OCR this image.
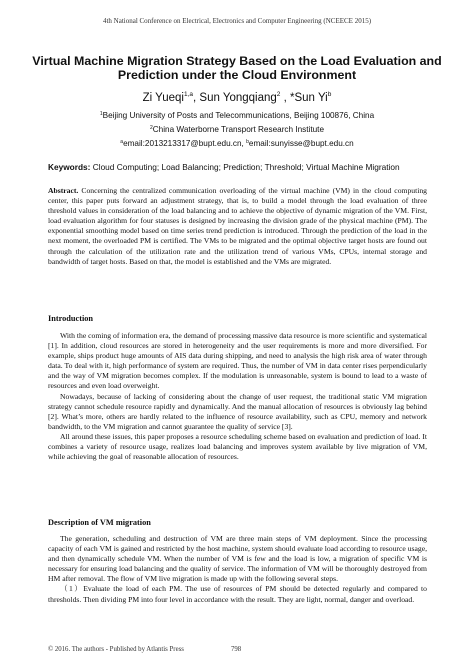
4th National Conference on Electrical, Electronics and Computer Engineering (NCEECE 2015)
Virtual Machine Migration Strategy Based on the Load Evaluation and Prediction under the Cloud Environment
Zi Yueqi$^{1,a}$, Sun Yongqiang$^2$ , *Sun Yi$^b$
$^1$Beijing University of Posts and Telecommunications, Beijing 100876, China
$^2$China Waterborne Transport Research Institute
$^a$email:2013213317@bupt.edu.cn, $^b$email:sunyisse@bupt.edu.cn
Keywords: Cloud Computing; Load Balancing; Prediction; Threshold; Virtual Machine Migration

Abstract. Concerning the centralized communication overloading of the virtual machine (VM) in the cloud computing center, this paper puts forward an adjustment strategy, that is, to build a model through the load evaluation of three threshold values in consideration of the load balancing and to achieve the objective of dynamic migration of the VM. First, load evaluation algorithm for four statuses is designed by increasing the division grade of the physical machine (PM). The exponential smoothing model based on time series trend prediction is introduced. Through the prediction of the load in the next moment, the overloaded PM is certified. The VMs to be migrated and the optimal objective target hosts are found out through the calculation of the utilization rate and the utilization trend of various VMs, CPUs, internal storage and bandwidth of target hosts. Based on that, the model is established and the VMs are migrated.

Introduction

With the coming of information era, the demand of processing massive data resource is more scientific and systematical [1]. In addition, cloud resources are stored in heterogeneity and the user requirements is more and more diversified. For example, ships product huge amounts of AIS data during shipping, and need to analysis the high risk area of water through data. To deal with it, high performance of system are required. Thus, the number of VM in data center rises perpendicularly and the way of VM migration becomes complex. If the modulation is unreasonable, system is bound to lead to a waste of resources and even load overweight.

Nowadays, because of lacking of considering about the change of user request, the traditional static VM migration strategy cannot schedule resource rapidly and dynamically. And the manual allocation of resources is obviously lag behind [2]. What’s more, others are hardly related to the influence of resource availability, such as CPU, memory and network bandwidth, to the VM migration and cannot guarantee the quality of service [3].

All around these issues, this paper proposes a resource scheduling scheme based on evaluation and prediction of load. It combines a variety of resource usage, realizes load balancing and improves system available by live migration of VM, while achieving the goal of reasonable allocation of resources.

Description of VM migration

The generation, scheduling and destruction of VM are three main steps of VM deployment. Since the processing capacity of each VM is gained and restricted by the host machine, system should evaluate load according to resource usage, and then dynamically schedule VM. When the number of VM is few and the load is low, a migration of specific VM is necessary for ensuring load balancing and the quality of service. The information of VM will be thoroughly destroyed from HM after removal. The flow of VM live migration is made up with the following several steps.

（1）Evaluate the load of each PM. The use of resources of PM should be detected regularly and compared to thresholds. Then dividing PM into four level in accordance with the result. They are light, normal, danger and overload.

© 2016. The authors - Published by Atlantis Press	798
